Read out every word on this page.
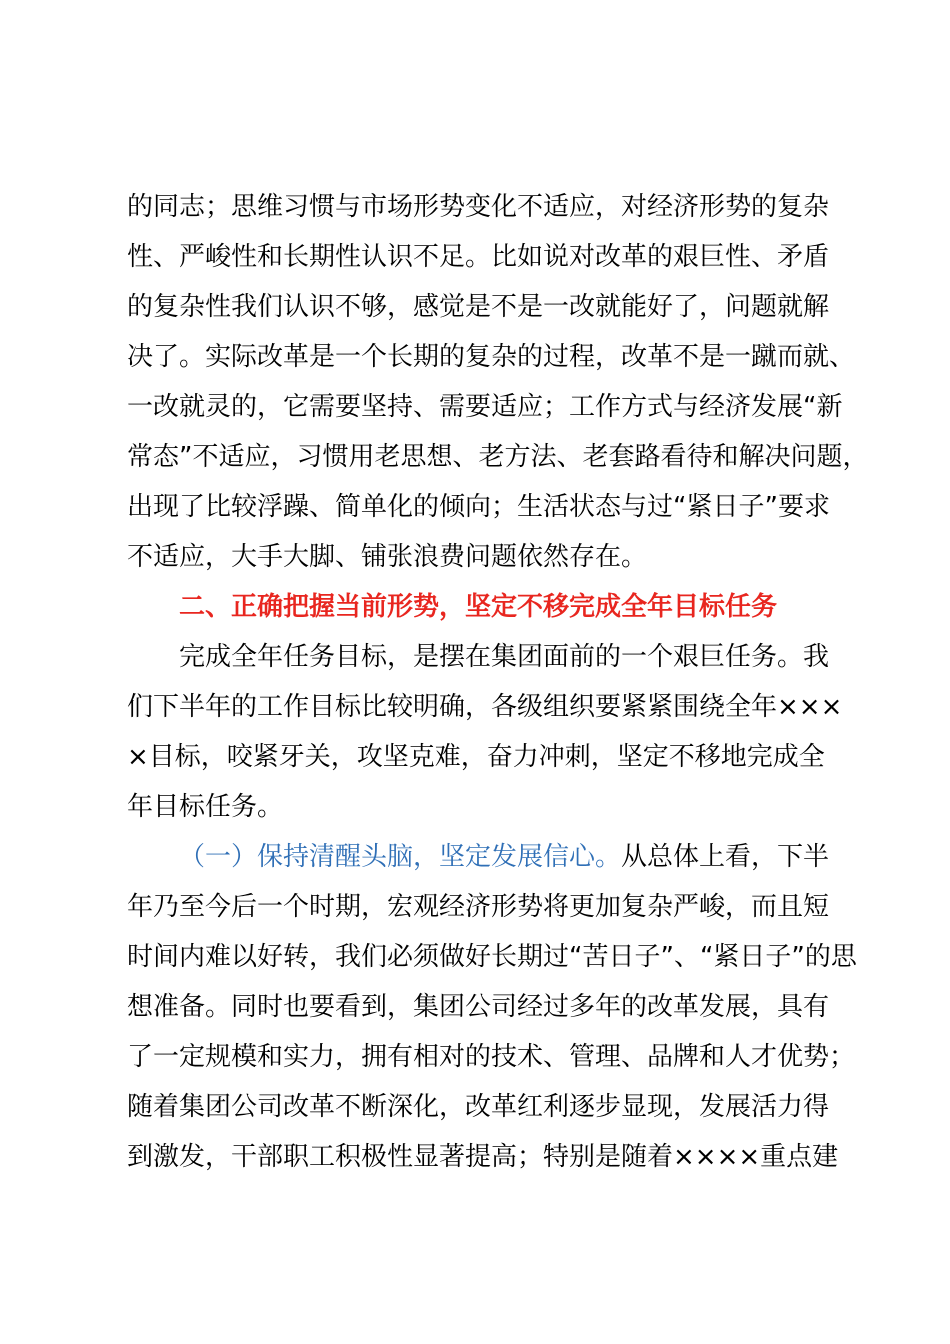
的同志；思维习惯与市场形势变化不适应，对经济形势的复杂
性、严峻性和长期性认识不足。比如说对改革的艰巨性、矛盾
的复杂性我们认识不够，感觉是不是一改就能好了，问题就解
决了。实际改革是一个长期的复杂的过程，改革不是一蹴而就、
一改就灵的，它需要坚持、需要适应；工作方式与经济发展“新
常态”不适应，习惯用老思想、老方法、老套路看待和解决问题，
出现了比较浮躁、简单化的倾向；生活状态与过“紧日子”要求
不适应，大手大脚、铺张浪费问题依然存在。
二、正确把握当前形势，坚定不移完成全年目标任务
完成全年任务目标，是摆在集团面前的一个艰巨任务。我
们下半年的工作目标比较明确，各级组织要紧紧围绕全年×××
×目标，咬紧牙关，攻坚克难，奋力冲刺，坚定不移地完成全
年目标任务。
（一）保持清醒头脑，坚定发展信心。从总体上看，下半
年乃至今后一个时期，宏观经济形势将更加复杂严峻，而且短
时间内难以好转，我们必须做好长期过“苦日子”、“紧日子”的思
想准备。同时也要看到，集团公司经过多年的改革发展，具有
了一定规模和实力，拥有相对的技术、管理、品牌和人才优势；
随着集团公司改革不断深化，改革红利逐步显现，发展活力得
到激发，干部职工积极性显著提高；特别是随着××××重点建
